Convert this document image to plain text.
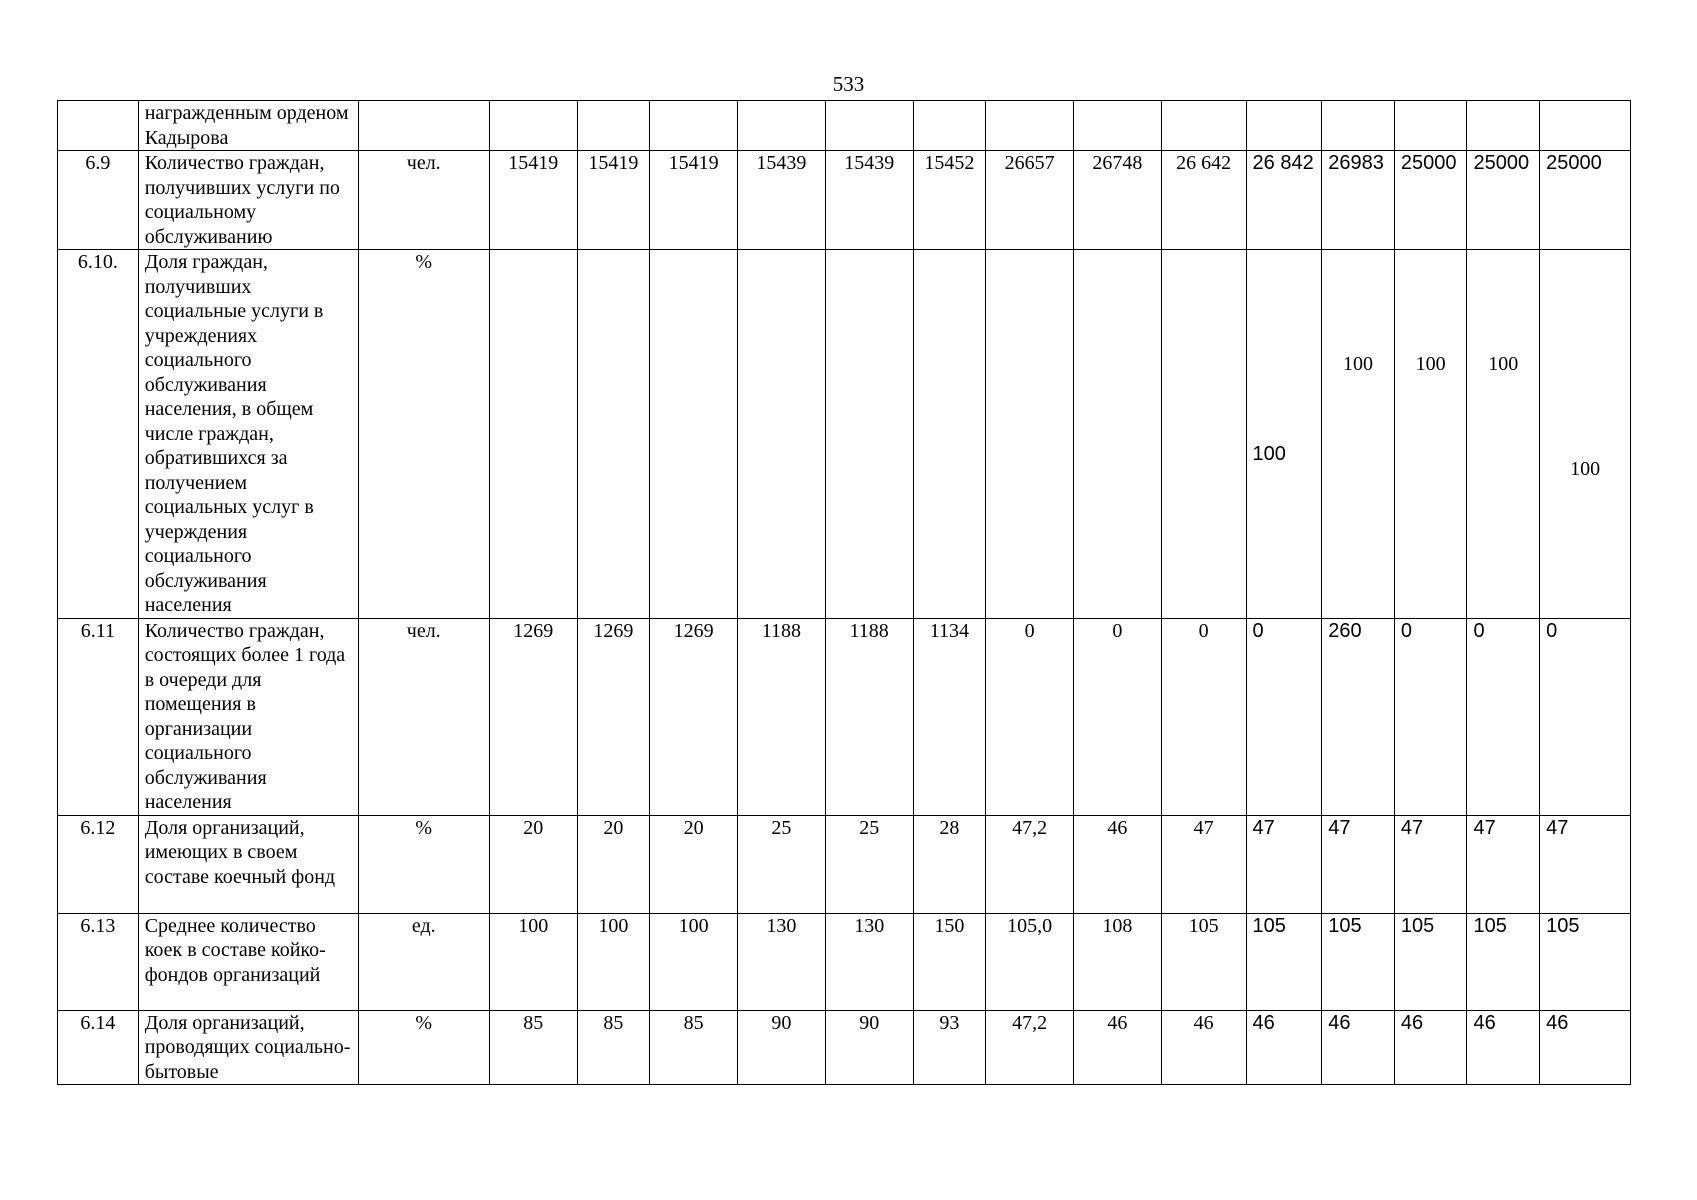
533
	награжденным орденом Кадырова															
6.9	Количество граждан, получивших услуги по социальному обслуживанию	чел.	15419	15419	15419	15439	15439	15452	26657	26748	26 642	26 842	26983	25000	25000	25000
6.10.	Доля граждан, получивших социальные услуги в учреждениях социального обслуживания населения, в общем числе граждан, обратившихся за получением социальных услуг в учерждения социального обслуживания населения	%										100	100	100	100	100
6.11	Количество граждан, состоящих более 1 года в очереди для помещения в организации социального обслуживания населения	чел.	1269	1269	1269	1188	1188	1134	0	0	0	0	260	0	0	0
6.12	Доля организаций, имеющих в своем составе коечный фонд	%	20	20	20	25	25	28	47,2	46	47	47	47	47	47	47
6.13	Среднее количество коек в составе койко-фондов организаций	ед.	100	100	100	130	130	150	105,0	108	105	105	105	105	105	105
6.14	Доля организаций, проводящих социально-бытовые	%	85	85	85	90	90	93	47,2	46	46	46	46	46	46	46
